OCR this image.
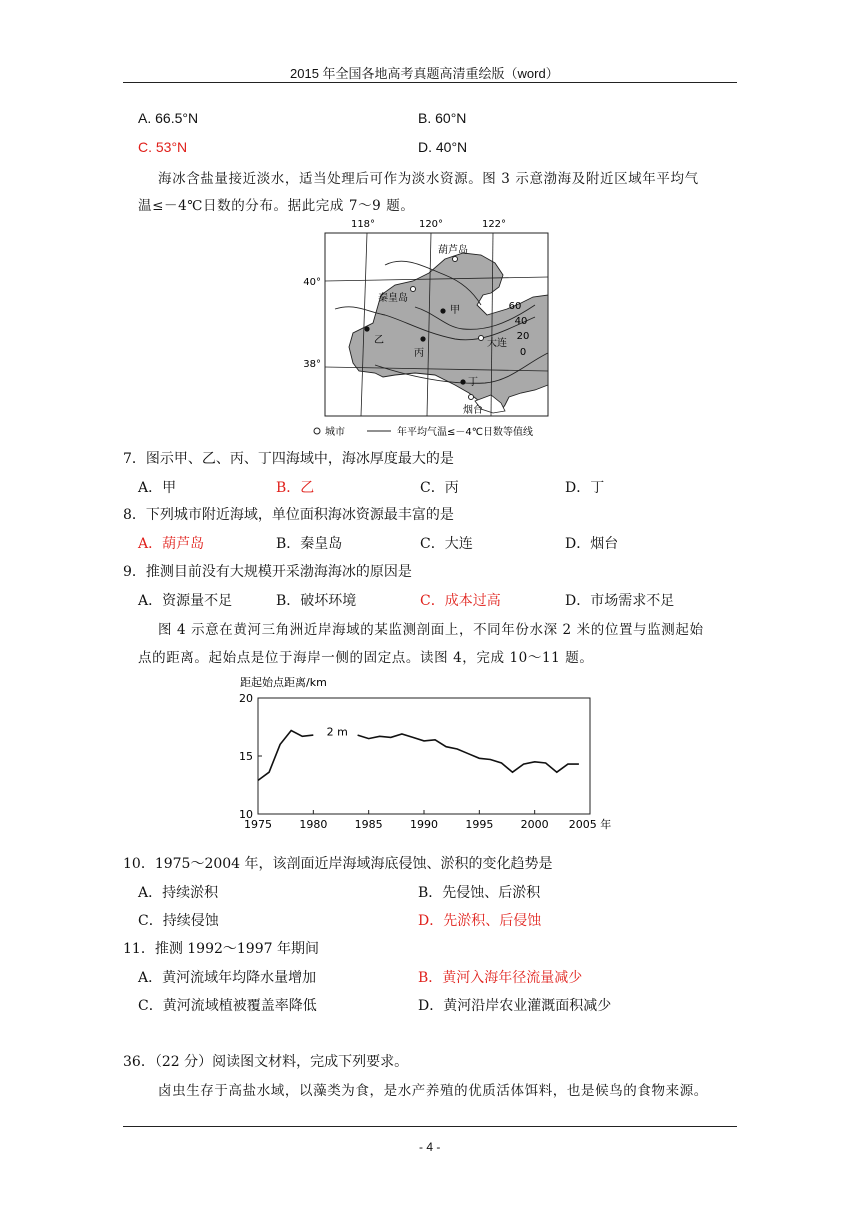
2015 年全国各地高考真题高清重绘版（word）
A. 66.5°N	B. 60°N
C. 53°N	D. 40°N
海冰含盐量接近淡水，适当处理后可作为淡水资源。图 3 示意渤海及附近区域年平均气
温≤－4℃日数的分布。据此完成 7～9 题。
118°	120°	122°
40°
38°
葫芦岛
秦皇岛
大连
烟台
甲
乙
丙
丁
60
40
20
0
城市	年平均气温≤－4℃日数等值线
7．图示甲、乙、丙、丁四海域中，海冰厚度最大的是
A．甲	B．乙	C．丙	D．丁
8．下列城市附近海域，单位面积海冰资源最丰富的是
A．葫芦岛	B．秦皇岛	C．大连	D．烟台
9．推测目前没有大规模开采渤海海冰的原因是
A．资源量不足	B．破坏环境	C．成本过高	D．市场需求不足
图 4 示意在黄河三角洲近岸海域的某监测剖面上，不同年份水深 2 米的位置与监测起始
点的距离。起始点是位于海岸一侧的固定点。读图 4，完成 10～11 题。
距起始点距离/km
1975 1980 1985 1990 1995 2000 2005 年
10
15
20
2 m
10．1975～2004 年，该剖面近岸海域海底侵蚀、淤积的变化趋势是
A．持续淤积	B．先侵蚀、后淤积
C．持续侵蚀	D．先淤积、后侵蚀
11．推测 1992～1997 年期间
A．黄河流域年均降水量增加	B．黄河入海年径流量减少
C．黄河流域植被覆盖率降低	D．黄河沿岸农业灌溉面积减少
36．（22 分）阅读图文材料，完成下列要求。
卤虫生存于高盐水域，以藻类为食，是水产养殖的优质活体饵料，也是候鸟的食物来源。
- 4 -
